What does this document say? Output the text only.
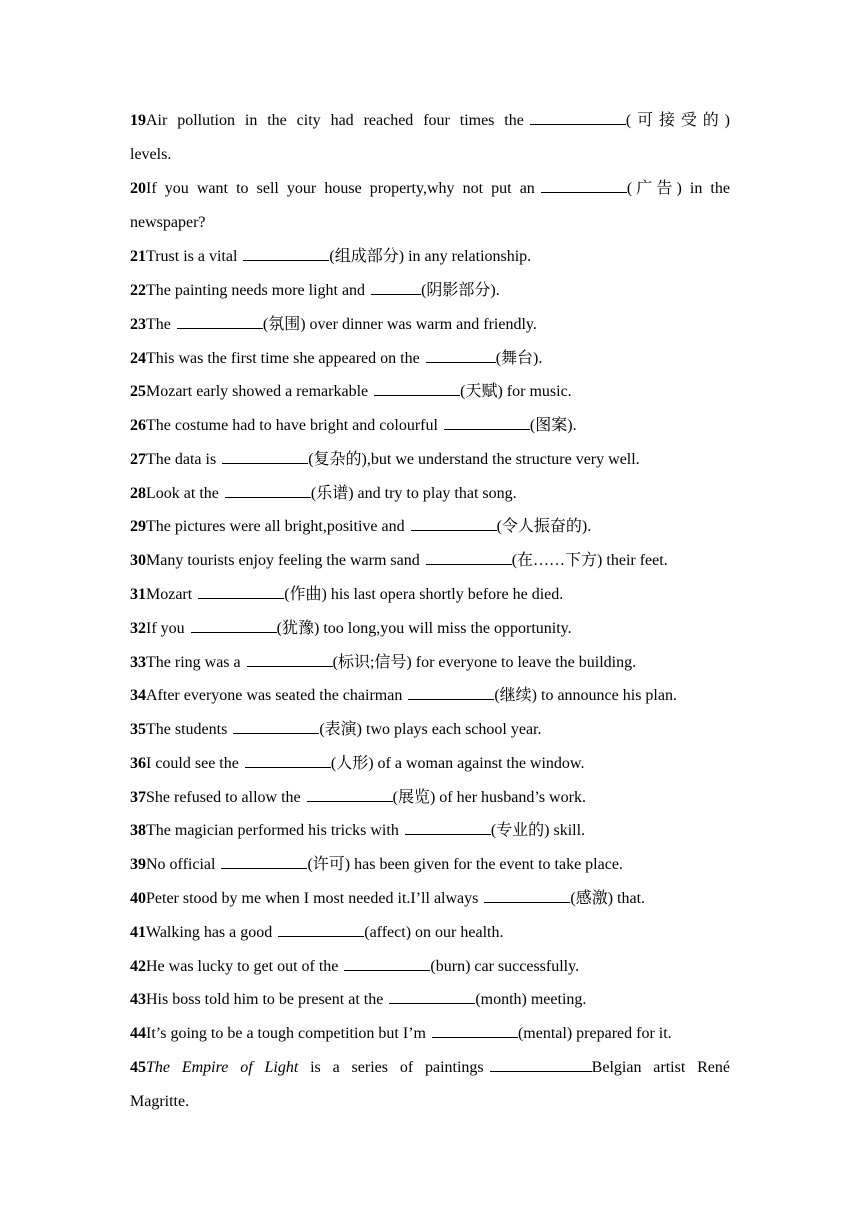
19Air pollution in the city had reached four times the	(可接受的)
levels.
20If you want to sell your house property,why not put an	(广告) in the
newspaper?
21Trust is a vital	(组成部分) in any relationship.
22The painting needs more light and	(阴影部分).
23The	(氛围) over dinner was warm and friendly.
24This was the first time she appeared on the	(舞台).
25Mozart early showed a remarkable	(天赋) for music.
26The costume had to have bright and colourful	(图案).
27The data is	(复杂的),but we understand the structure very well.
28Look at the	(乐谱) and try to play that song.
29The pictures were all bright,positive and	(令人振奋的).
30Many tourists enjoy feeling the warm sand	(在……下方) their feet.
31Mozart	(作曲) his last opera shortly before he died.
32If you	(犹豫) too long,you will miss the opportunity.
33The ring was a	(标识;信号) for everyone to leave the building.
34After everyone was seated the chairman	(继续) to announce his plan.
35The students	(表演) two plays each school year.
36I could see the	(人形) of a woman against the window.
37She refused to allow the	(展览) of her husband’s work.
38The magician performed his tricks with	(专业的) skill.
39No official	(许可) has been given for the event to take place.
40Peter stood by me when I most needed it.I’ll always	(感激) that.
41Walking has a good	(affect) on our health.
42He was lucky to get out of the	(burn) car successfully.
43His boss told him to be present at the	(month) meeting.
44It’s going to be a tough competition but I’m	(mental) prepared for it.
45The Empire of Light is a series of paintings	Belgian artist René
Magritte.
